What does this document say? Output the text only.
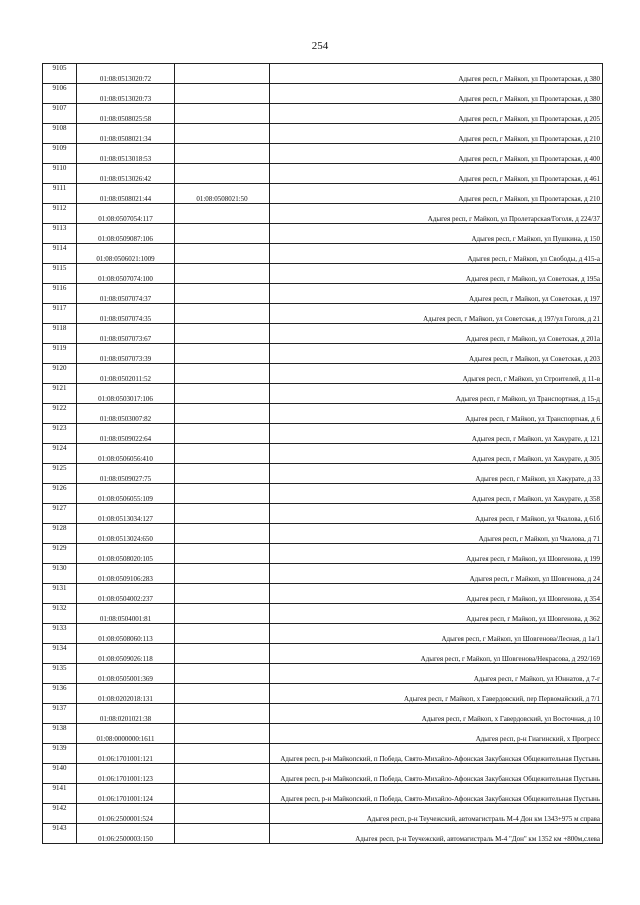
254
9105	01:08:0513020:72		Адыгея респ, г Майкоп, ул Пролетарская, д 380
9106	01:08:0513020:73		Адыгея респ, г Майкоп, ул Пролетарская, д 380
9107	01:08:0508025:58		Адыгея респ, г Майкоп, ул Пролетарская, д 205
9108	01:08:0508021:34		Адыгея респ, г Майкоп, ул Пролетарская, д 210
9109	01:08:0513018:53		Адыгея респ, г Майкоп, ул Пролетарская, д 400
9110	01:08:0513026:42		Адыгея респ, г Майкоп, ул Пролетарская, д 461
9111	01:08:0508021:44	01:08:0508021:50	Адыгея респ, г Майкоп, ул Пролетарская, д 210
9112	01:08:0507054:117		Адыгея респ, г Майкоп, ул Пролетарская/Гоголя, д 224/37
9113	01:08:0509087:106		Адыгея респ, г Майкоп, ул Пушкина, д 150
9114	01:08:0506021:1009		Адыгея респ, г Майкоп, ул Свободы, д 415-а
9115	01:08:0507074:100		Адыгея респ, г Майкоп, ул Советская, д 195а
9116	01:08:0507074:37		Адыгея респ, г Майкоп, ул Советская, д 197
9117	01:08:0507074:35		Адыгея респ, г Майкоп, ул Советская, д 197/ул Гоголя, д 21
9118	01:08:0507073:67		Адыгея респ, г Майкоп, ул Советская, д 201а
9119	01:08:0507073:39		Адыгея респ, г Майкоп, ул Советская, д 203
9120	01:08:0502011:52		Адыгея респ, г Майкоп, ул Строителей, д 11-в
9121	01:08:0503017:106		Адыгея респ, г Майкоп, ул Транспортная, д 15-д
9122	01:08:0503007:82		Адыгея респ, г Майкоп, ул Транспортная, д 6
9123	01:08:0509022:64		Адыгея респ, г Майкоп, ул Хакурате, д 121
9124	01:08:0506056:410		Адыгея респ, г Майкоп, ул Хакурате, д 305
9125	01:08:0509027:75		Адыгея респ, г Майкоп, ул Хакурате, д 33
9126	01:08:0506055:109		Адыгея респ, г Майкоп, ул Хакурате, д 358
9127	01:08:0513034:127		Адыгея респ, г Майкоп, ул Чкалова, д 61б
9128	01:08:0513024:650		Адыгея респ, г Майкоп, ул Чкалова, д 71
9129	01:08:0508020:105		Адыгея респ, г Майкоп, ул Шовгенова, д 199
9130	01:08:0509106:283		Адыгея респ, г Майкоп, ул Шовгенова, д 24
9131	01:08:0504002:237		Адыгея респ, г Майкоп, ул Шовгенова, д 354
9132	01:08:0504001:81		Адыгея респ, г Майкоп, ул Шовгенова, д 362
9133	01:08:0508060:113		Адыгея респ, г Майкоп, ул Шовгенова/Лесная, д 1а/1
9134	01:08:0509026:118		Адыгея респ, г Майкоп, ул Шовгенова/Некрасова, д 292/169
9135	01:08:0505001:369		Адыгея респ, г Майкоп, ул Юннатов, д 7-г
9136	01:08:0202018:131		Адыгея респ, г Майкоп, х Гавердовский, пер Первомайский, д 7/1
9137	01:08:0201021:38		Адыгея респ, г Майкоп, х Гавердовский, ул Восточная, д 10
9138	01:08:0000000:1611		Адыгея респ, р-н Гиагинский, х Прогресс
9139	01:06:1701001:121		Адыгея респ, р-н Майкопский, п Победа, Свято-Михайло-Афонская Закубанская Общежительная Пустынь
9140	01:06:1701001:123		Адыгея респ, р-н Майкопский, п Победа, Свято-Михайло-Афонская Закубанская Общежительная Пустынь
9141	01:06:1701001:124		Адыгея респ, р-н Майкопский, п Победа, Свято-Михайло-Афонская Закубанская Общежительная Пустынь
9142	01:06:2500001:524		Адыгея респ, р-н Теучежский, автомагистраль М-4 Дон км 1343+975 м справа
9143	01:06:2500003:150		Адыгея респ, р-н Теучежский, автомагистраль М-4 "Дон" км 1352 км +800м,слева
